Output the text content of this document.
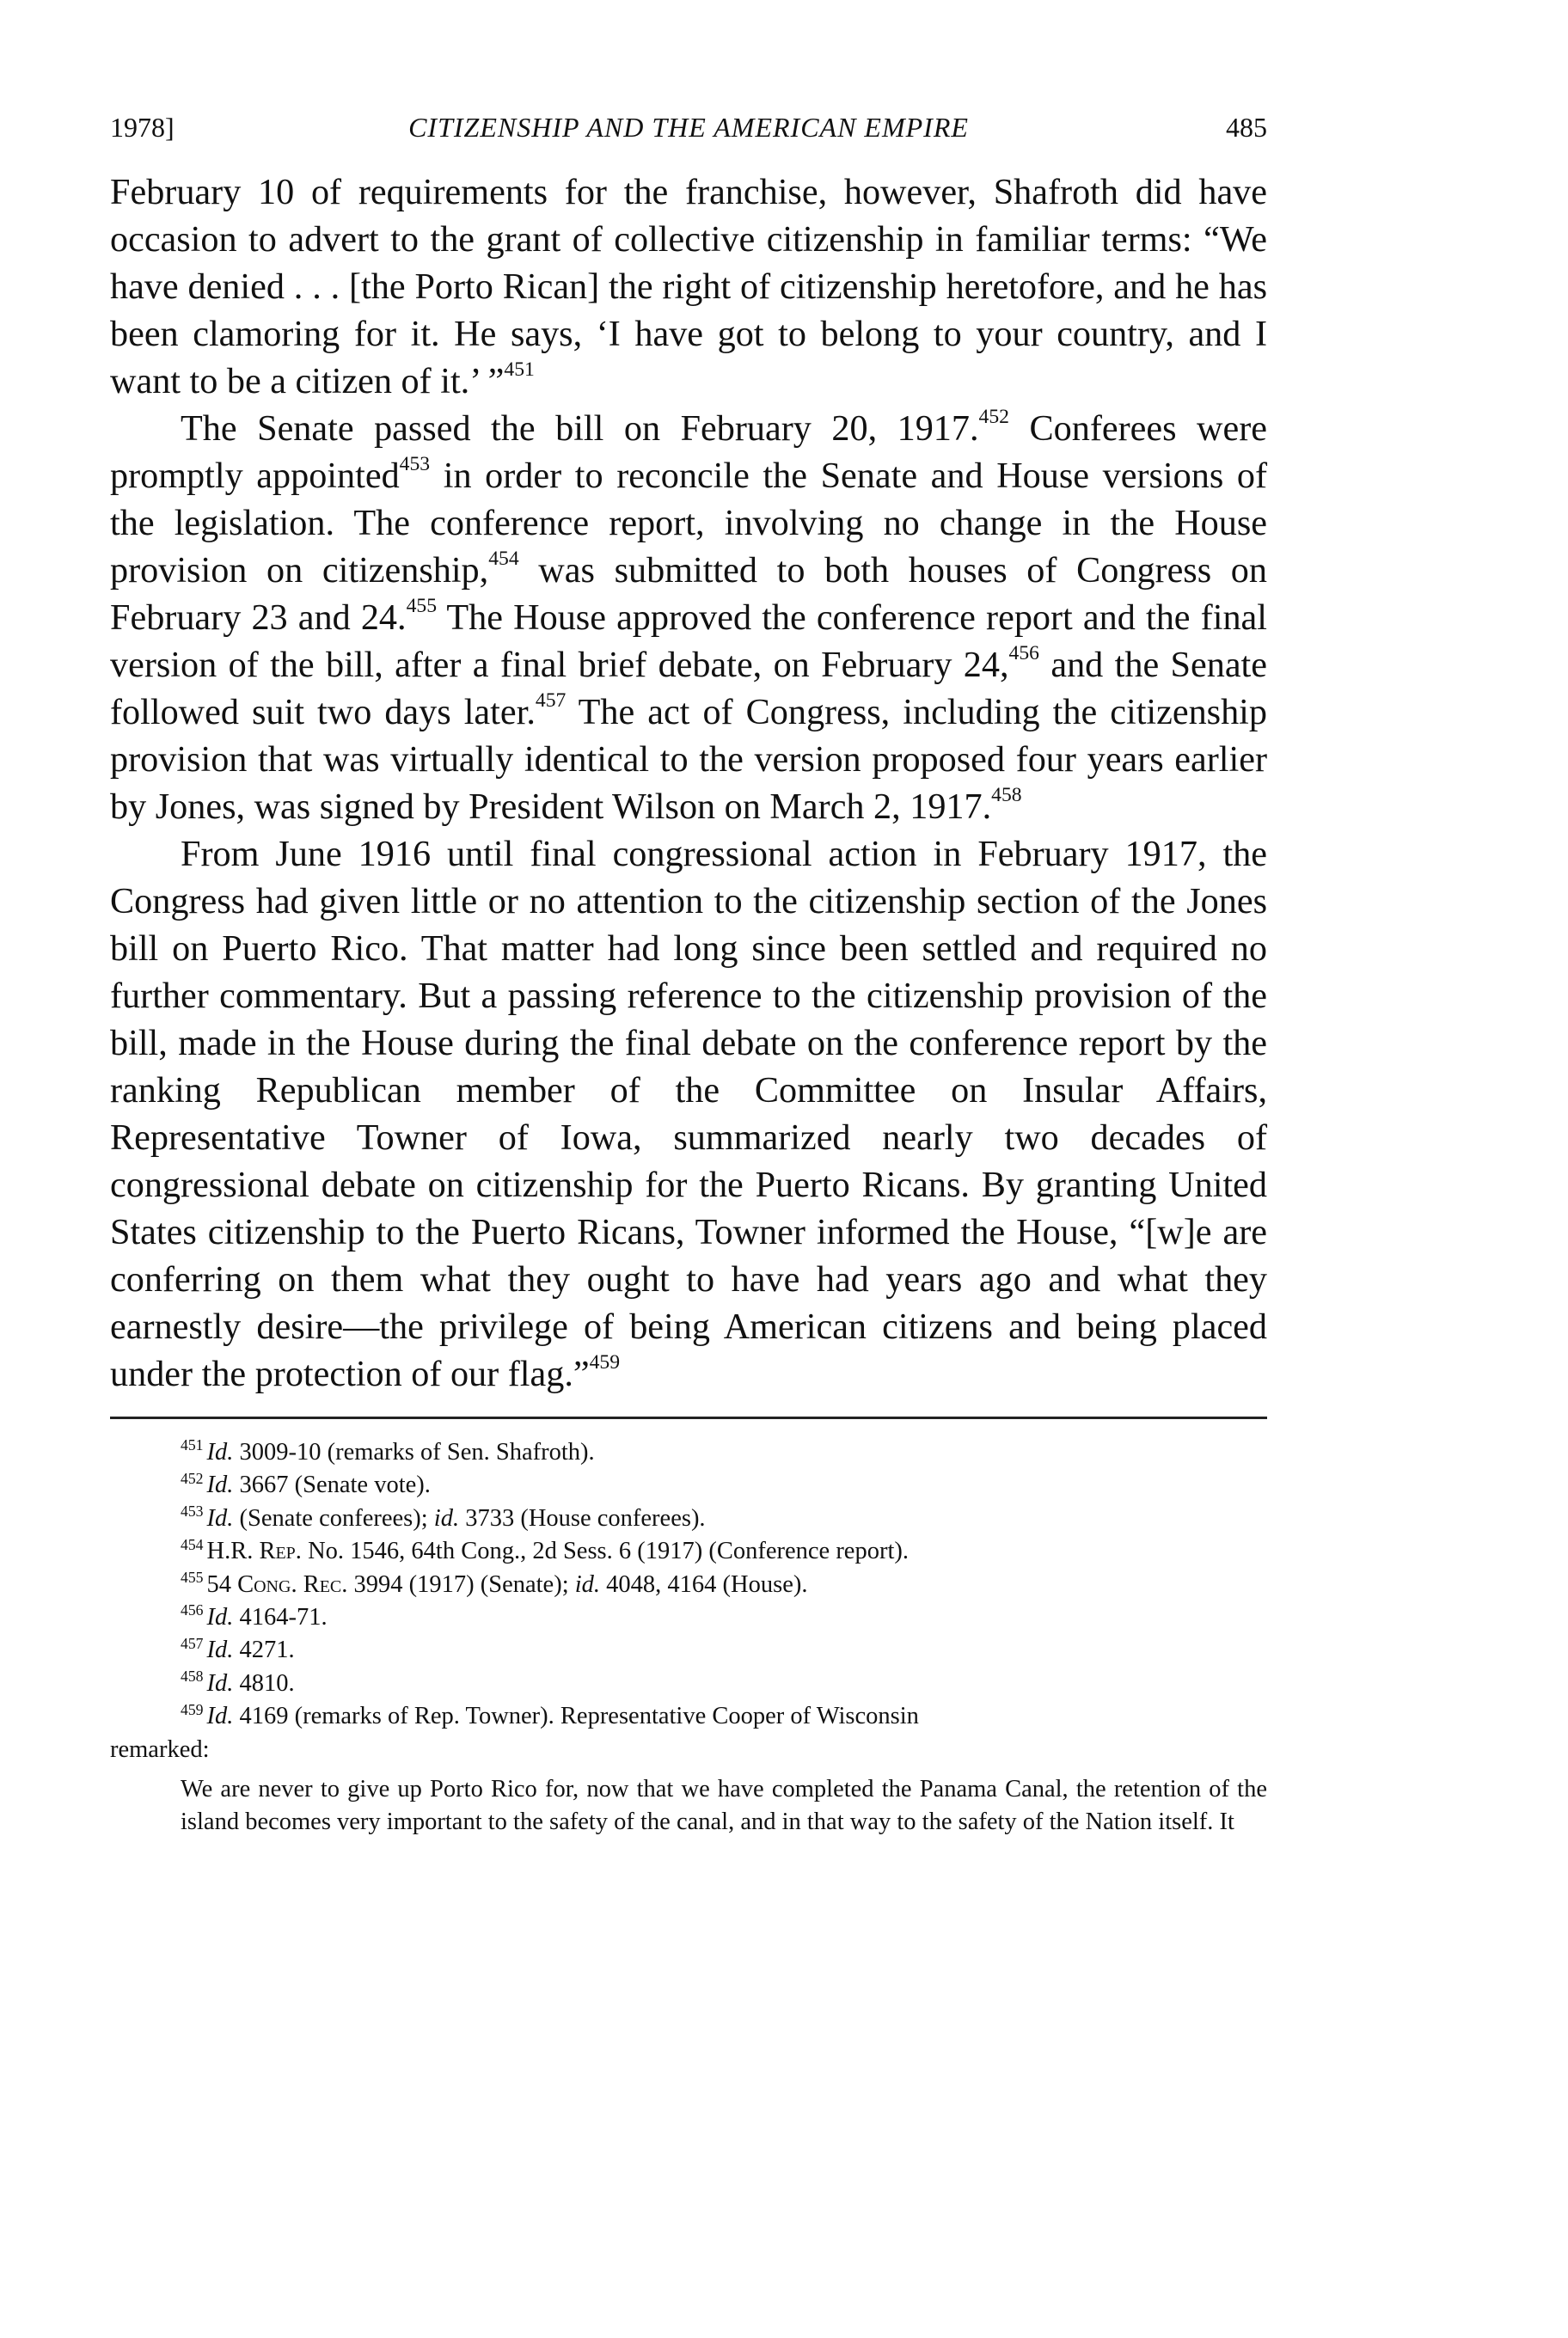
1978]	CITIZENSHIP AND THE AMERICAN EMPIRE	485

February 10 of requirements for the franchise, however, Shafroth did have occasion to advert to the grant of collective citizenship in familiar terms: “We have denied . . . [the Porto Rican] the right of citizenship heretofore, and he has been clamoring for it. He says, ‘I have got to belong to your country, and I want to be a citizen of it.’ ”$^{451}$

The Senate passed the bill on February 20, 1917.$^{452}$ Conferees were promptly appointed$^{453}$ in order to reconcile the Senate and House versions of the legislation. The conference report, involving no change in the House provision on citizenship,$^{454}$ was submitted to both houses of Congress on February 23 and 24.$^{455}$ The House approved the conference report and the final version of the bill, after a final brief debate, on February 24,$^{456}$ and the Senate followed suit two days later.$^{457}$ The act of Congress, including the citizenship provision that was virtually identical to the version proposed four years earlier by Jones, was signed by President Wilson on March 2, 1917.$^{458}$

From June 1916 until final congressional action in February 1917, the Congress had given little or no attention to the citizenship section of the Jones bill on Puerto Rico. That matter had long since been settled and required no further commentary. But a passing reference to the citizenship provision of the bill, made in the House during the final debate on the conference report by the ranking Republican member of the Committee on Insular Affairs, Representative Towner of Iowa, summarized nearly two decades of congressional debate on citizenship for the Puerto Ricans. By granting United States citizenship to the Puerto Ricans, Towner informed the House, “[w]e are conferring on them what they ought to have had years ago and what they earnestly desire—the privilege of being American citizens and being placed under the protection of our flag.”$^{459}$

$^{451}$ Id. 3009-10 (remarks of Sen. Shafroth).

$^{452}$ Id. 3667 (Senate vote).

$^{453}$ Id. (Senate conferees); id. 3733 (House conferees).

$^{454}$ H.R. Rep. No. 1546, 64th Cong., 2d Sess. 6 (1917) (Conference report).

$^{455}$ 54 Cong. Rec. 3994 (1917) (Senate); id. 4048, 4164 (House).

$^{456}$ Id. 4164-71.

$^{457}$ Id. 4271.

$^{458}$ Id. 4810.

$^{459}$ Id. 4169 (remarks of Rep. Towner). Representative Cooper of Wisconsin

remarked:

We are never to give up Porto Rico for, now that we have completed the Panama Canal, the retention of the island becomes very important to the safety of the canal, and in that way to the safety of the Nation itself. It
